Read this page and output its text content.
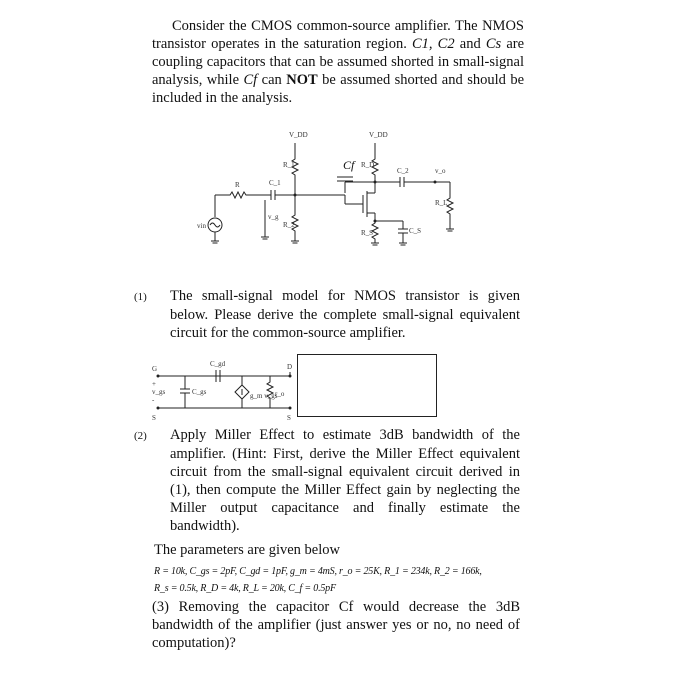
Consider the CMOS common-source amplifier. The NMOS transistor operates in the saturation region. C1, C2 and Cs are coupling capacitors that can be assumed shorted in small-signal analysis, while Cf can NOT be assumed shorted and should be included in the analysis.
V_DD	V_DD
Cf
R_1	R_D
R_2
R_S	C_S
R	C_1
C_2	v_o
R_L
vin
v_g
(1) The small-signal model for NMOS transistor is given below. Please derive the complete small-signal equivalent circuit for the common-source amplifier.
G	D
S	S
C_gd
C_gs	g_m v_gs
r_o
+
v_gs
-
(2) Apply Miller Effect to estimate 3dB bandwidth of the amplifier. (Hint: First, derive the Miller Effect equivalent circuit from the small-signal equivalent circuit derived in (1), then compute the Miller Effect gain by neglecting the Miller output capacitance and finally estimate the bandwidth).
The parameters are given below
R = 10k, C_gs = 2pF, C_gd = 1pF, g_m = 4mS, r_o = 25K, R_1 = 234k, R_2 = 166k,
R_s = 0.5k, R_D = 4k, R_L = 20k, C_f = 0.5pF
(3) Removing the capacitor Cf would decrease the 3dB bandwidth of the amplifier (just answer yes or no, no need of computation)?
